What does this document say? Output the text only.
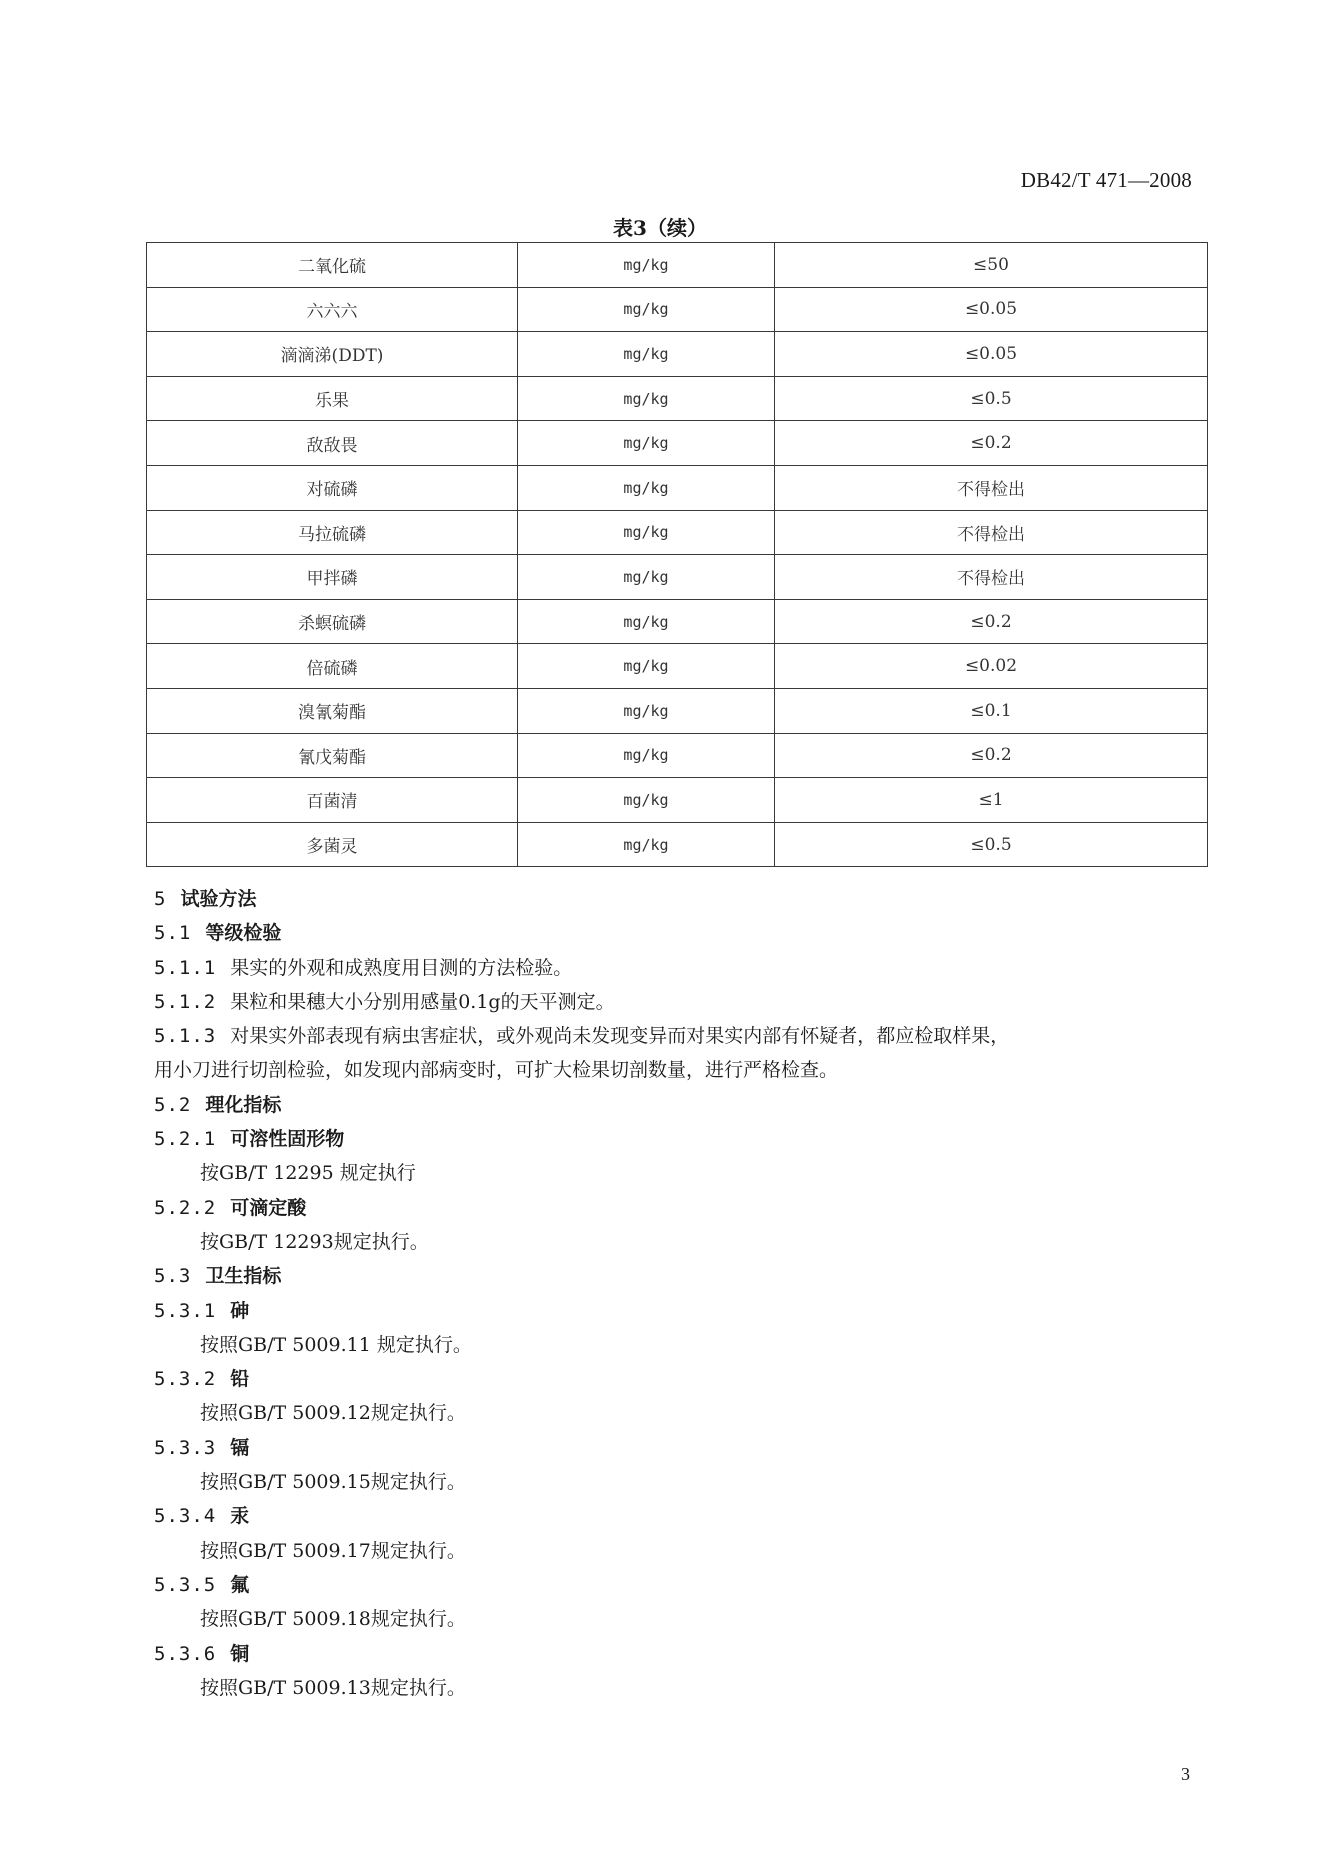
DB42/T 471—2008
表3（续）
二氧化硫	mg/kg	≤50
六六六	mg/kg	≤0.05
滴滴涕(DDT)	mg/kg	≤0.05
乐果	mg/kg	≤0.5
敌敌畏	mg/kg	≤0.2
对硫磷	mg/kg	不得检出
马拉硫磷	mg/kg	不得检出
甲拌磷	mg/kg	不得检出
杀螟硫磷	mg/kg	≤0.2
倍硫磷	mg/kg	≤0.02
溴氰菊酯	mg/kg	≤0.1
氰戊菊酯	mg/kg	≤0.2
百菌清	mg/kg	≤1
多菌灵	mg/kg	≤0.5
5 试验方法
5.1 等级检验
5.1.1 果实的外观和成熟度用目测的方法检验。
5.1.2 果粒和果穗大小分别用感量0.1g的天平测定。
5.1.3 对果实外部表现有病虫害症状，或外观尚未发现变异而对果实内部有怀疑者，都应检取样果，
用小刀进行切剖检验，如发现内部病变时，可扩大检果切剖数量，进行严格检查。
5.2 理化指标
5.2.1 可溶性固形物
按GB/T 12295 规定执行
5.2.2 可滴定酸
按GB/T 12293规定执行。
5.3 卫生指标
5.3.1 砷
按照GB/T 5009.11 规定执行。
5.3.2 铅
按照GB/T 5009.12规定执行。
5.3.3 镉
按照GB/T 5009.15规定执行。
5.3.4 汞
按照GB/T 5009.17规定执行。
5.3.5 氟
按照GB/T 5009.18规定执行。
5.3.6 铜
按照GB/T 5009.13规定执行。
3
